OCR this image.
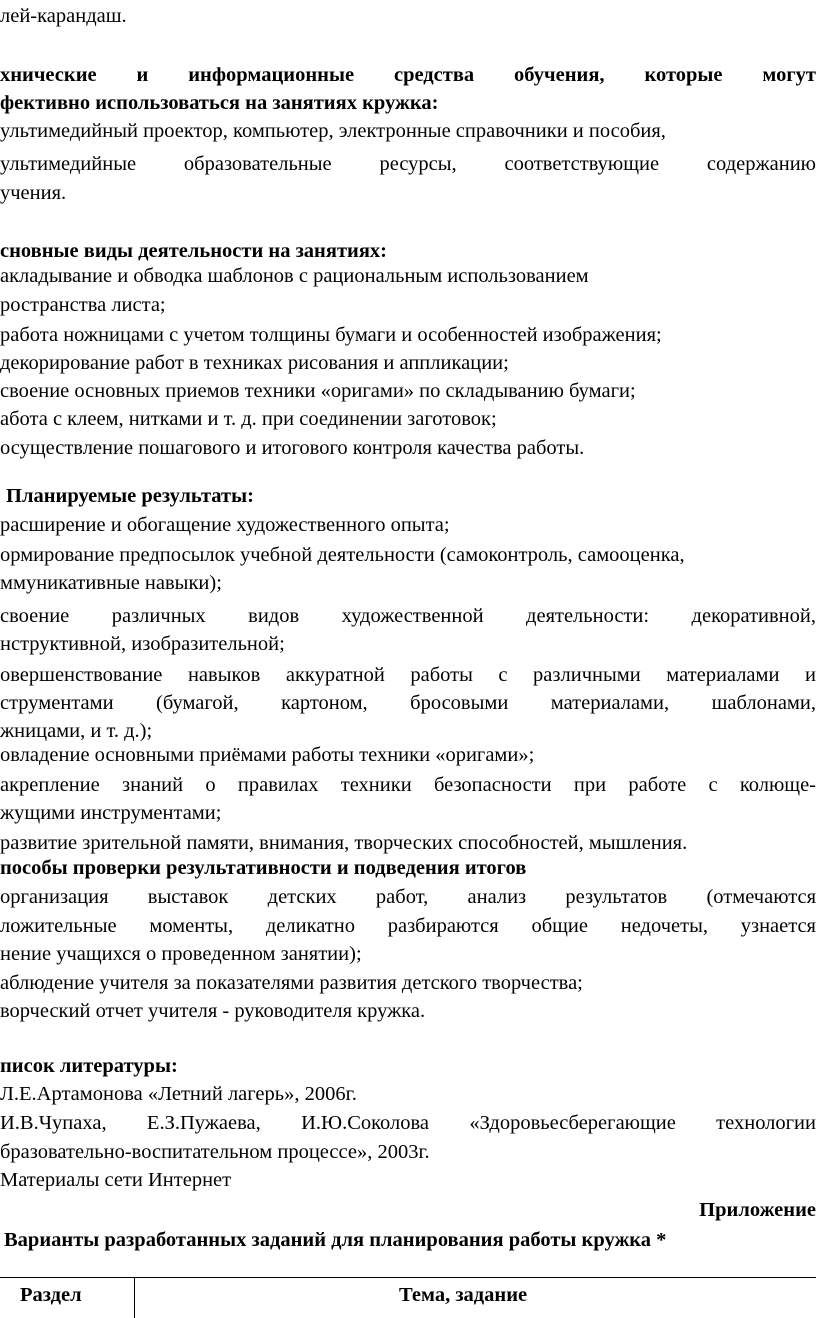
лей-карандаш.
хнические и информационные средства обучения, которые могут
фективно использоваться на занятиях кружка:
ультимедийный проектор, компьютер, электронные справочники и пособия,
ультимедийные образовательные ресурсы, соответствующие содержанию
учения.
сновные виды деятельности на занятиях:
акладывание и обводка шаблонов с рациональным использованием
ространства листа;
работа ножницами с учетом толщины бумаги и особенностей изображения;
декорирование работ в техниках рисования и аппликации;
своение основных приемов техники «оригами» по складыванию бумаги;
абота с клеем, нитками и т. д. при соединении заготовок;
осуществление пошагового и итогового контроля качества работы.
Планируемые результаты:
расширение и обогащение художественного опыта;
ормирование предпосылок учебной деятельности (самоконтроль, самооценка,
ммуникативные навыки);
своение различных видов художественной деятельности: декоративной,
нструктивной, изобразительной;
овершенствование навыков аккуратной работы с различными материалами и
струментами (бумагой, картоном, бросовыми материалами, шаблонами,
жницами, и т. д.);
овладение основными приёмами работы техники «оригами»;
акрепление знаний о правилах техники безопасности при работе с колюще-
жущими инструментами;
развитие зрительной памяти, внимания, творческих способностей, мышления.
пособы проверки результативности и подведения итогов
организация выставок детских работ, анализ результатов (отмечаются
ложительные моменты, деликатно разбираются общие недочеты, узнается
нение учащихся о проведенном занятии);
аблюдение учителя за показателями развития детского творчества;
ворческий отчет учителя - руководителя кружка.
писок литературы:
Л.Е.Артамонова «Летний лагерь», 2006г.
И.В.Чупаха, Е.З.Пужаева, И.Ю.Соколова «Здоровьесберегающие технологии
бразовательно-воспитательном процессе», 2003г.
Материалы сети Интернет
Приложение
Варианты разработанных заданий для планирования работы кружка *
Раздел	Тема, задание
